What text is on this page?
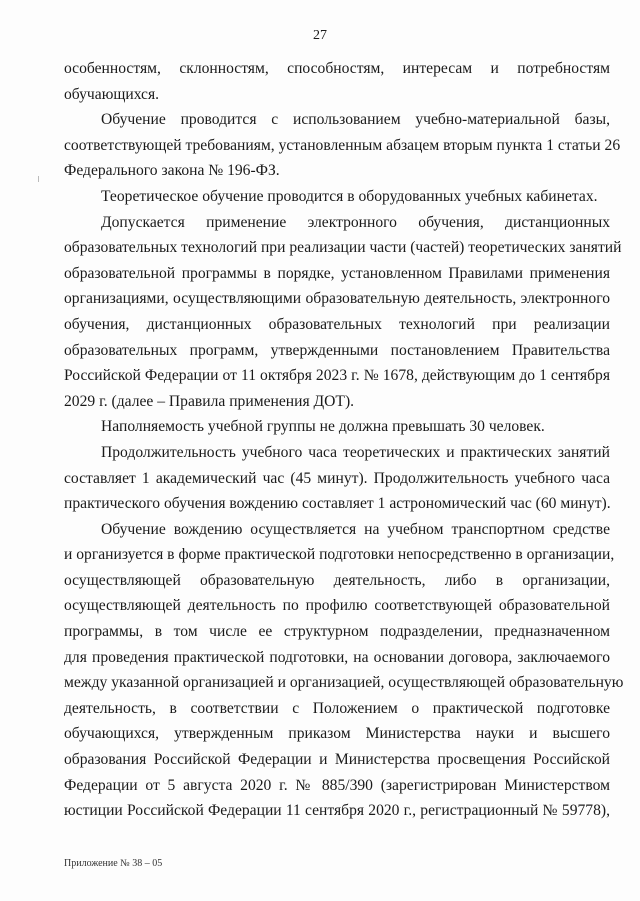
27
особенностям, склонностям, способностям, интересам и потребностям
обучающихся.
Обучение проводится с использованием учебно-материальной базы,
соответствующей требованиям, установленным абзацем вторым пункта 1 статьи 26
Федерального закона № 196-ФЗ.
Теоретическое обучение проводится в оборудованных учебных кабинетах.
Допускается применение электронного обучения, дистанционных
образовательных технологий при реализации части (частей) теоретических занятий
образовательной программы в порядке, установленном Правилами применения
организациями, осуществляющими образовательную деятельность, электронного
обучения, дистанционных образовательных технологий при реализации
образовательных программ, утвержденными постановлением Правительства
Российской Федерации от 11 октября 2023 г. № 1678, действующим до 1 сентября
2029 г. (далее – Правила применения ДОТ).
Наполняемость учебной группы не должна превышать 30 человек.
Продолжительность учебного часа теоретических и практических занятий
составляет 1 академический час (45 минут). Продолжительность учебного часа
практического обучения вождению составляет 1 астрономический час (60 минут).
Обучение вождению осуществляется на учебном транспортном средстве
и организуется в форме практической подготовки непосредственно в организации,
осуществляющей образовательную деятельность, либо в организации,
осуществляющей деятельность по профилю соответствующей образовательной
программы, в том числе ее структурном подразделении, предназначенном
для проведения практической подготовки, на основании договора, заключаемого
между указанной организацией и организацией, осуществляющей образовательную
деятельность, в соответствии с Положением о практической подготовке
обучающихся, утвержденным приказом Министерства науки и высшего
образования Российской Федерации и Министерства просвещения Российской
Федерации от 5 августа 2020 г. № 885/390 (зарегистрирован Министерством
юстиции Российской Федерации 11 сентября 2020 г., регистрационный № 59778),
Приложение № 38 – 05
